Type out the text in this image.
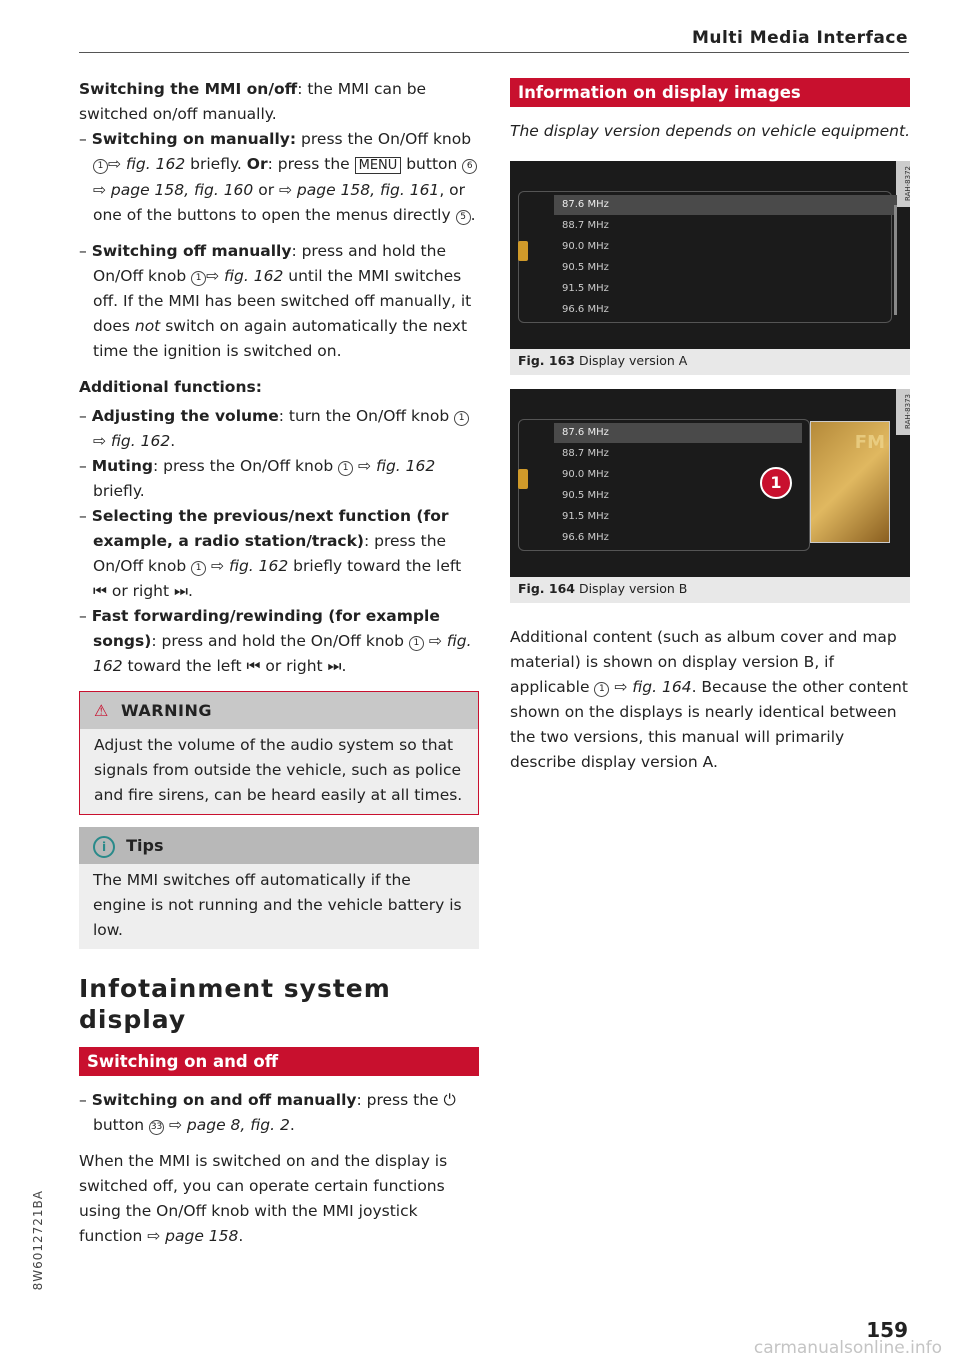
Multi Media Interface

Switching the MMI on/off: the MMI can be switched on/off manually.

– Switching on manually: press the On/Off knob 1 ⇨ fig. 162 briefly. Or: press the MENU button 6 ⇨ page 158, fig. 160 or ⇨ page 158, fig. 161, or one of the buttons to open the menus directly 5 .

– Switching off manually: press and hold the On/Off knob 1 ⇨ fig. 162 until the MMI switches off. If the MMI has been switched off manually, it does not switch on again automatically the next time the ignition is switched on.

Additional functions:

– Adjusting the volume: turn the On/Off knob 1 ⇨ fig. 162.

– Muting: press the On/Off knob 1 ⇨ fig. 162 briefly.

– Selecting the previous/next function (for example, a radio station/track): press the On/Off knob 1 ⇨ fig. 162 briefly toward the left ⏮ or right ⏭.

– Fast forwarding/rewinding (for example songs): press and hold the On/Off knob 1 ⇨ fig. 162 toward the left ⏮ or right ⏭.

⚠ WARNING
Adjust the volume of the audio system so that signals from outside the vehicle, such as police and fire sirens, can be heard easily at all times.
i Tips
The MMI switches off automatically if the engine is not running and the vehicle battery is low.
Infotainment system display
Switching on and off

– Switching on and off manually: press the ⏻ button 33 ⇨ page 8, fig. 2.

When the MMI is switched on and the display is switched off, you can operate certain functions using the On/Off knob with the MMI joystick function ⇨ page 158.

Information on display images

The display version depends on vehicle equipment.

RAH-8372
87.6 MHz
88.7 MHz
90.0 MHz
90.5 MHz
91.5 MHz
96.6 MHz
Fig. 163 Display version A
RAH-8373
87.6 MHz
88.7 MHz
90.0 MHz
90.5 MHz
91.5 MHz
96.6 MHz
FM
1
Fig. 164 Display version B

Additional content (such as album cover and map material) is shown on display version B, if applicable 1 ⇨ fig. 164. Because the other content shown on the displays is nearly identical between the two versions, this manual will primarily describe display version A.

8W6012721BA
159
carmanualsonline.info
